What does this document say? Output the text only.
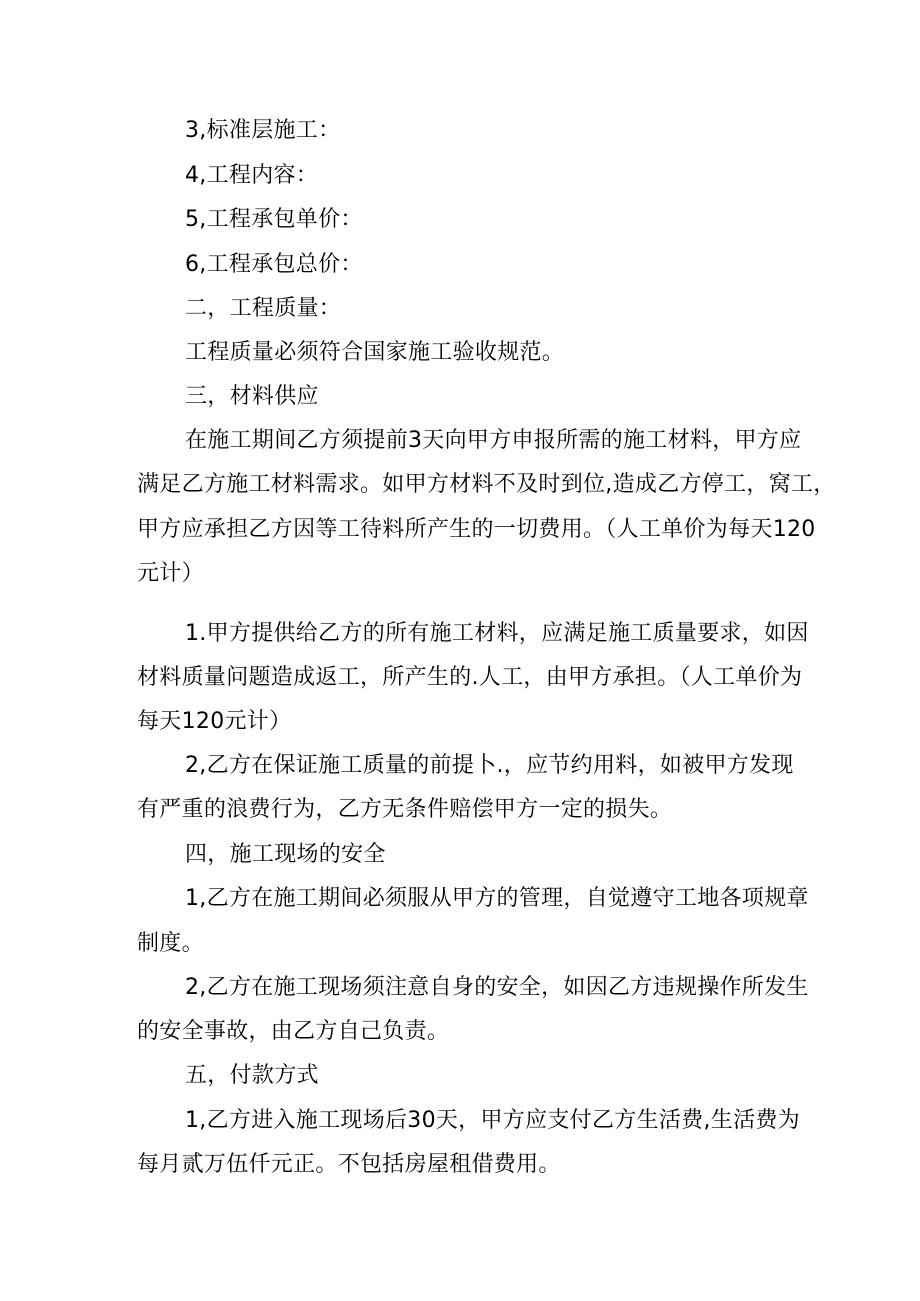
3,标准层施工：
4,工程内容：
5,工程承包单价：
6,工程承包总价：
二，工程质量：
工程质量必须符合国家施工验收规范。
三，材料供应
在施工期间乙方须提前3天向甲方申报所需的施工材料，甲方应
满足乙方施工材料需求。如甲方材料不及时到位,造成乙方停工，窝工，
甲方应承担乙方因等工待料所产生的一切费用。（人工单价为每天120
元计）
1.甲方提供给乙方的所有施工材料，应满足施工质量要求，如因
材料质量问题造成返工，所产生的.人工，由甲方承担。（人工单价为
每天120元计）
2,乙方在保证施工质量的前提卜.，应节约用料，如被甲方发现
有严重的浪费行为，乙方无条件赔偿甲方一定的损失。
四，施工现场的安全
1,乙方在施工期间必须服从甲方的管理，自觉遵守工地各项规章
制度。
2,乙方在施工现场须注意自身的安全，如因乙方违规操作所发生
的安全事故，由乙方自己负责。
五，付款方式
1,乙方进入施工现场后30天，甲方应支付乙方生活费,生活费为
每月贰万伍仟元正。不包括房屋租借费用。
